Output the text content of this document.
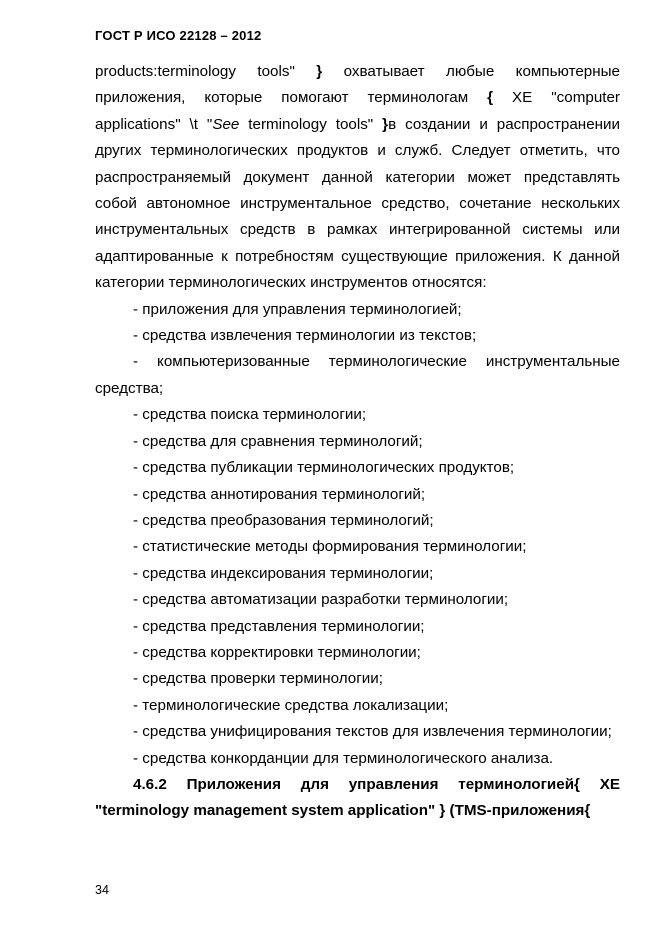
ГОСТ Р ИСО 22128 – 2012

products:terminology tools" } охватывает любые компьютерные приложения, которые помогают терминологам { XE "computer applications" \t "See terminology tools" }в создании и распространении других терминологических продуктов и служб. Следует отметить, что распространяемый документ данной категории может представлять собой автономное инструментальное средство, сочетание нескольких инструментальных средств в рамках интегрированной системы или адаптированные к потребностям существующие приложения. К данной категории терминологических инструментов относятся:

- приложения для управления терминологией;

- средства извлечения терминологии из текстов;

- компьютеризованные терминологические инструментальные средства;

- средства поиска терминологии;

- средства для сравнения терминологий;

- средства публикации терминологических продуктов;

- средства аннотирования терминологий;

- средства преобразования терминологий;

- статистические методы формирования терминологии;

- средства индексирования терминологии;

- средства автоматизации разработки терминологии;

- средства представления терминологии;

- средства корректировки терминологии;

- средства проверки терминологии;

- терминологические средства локализации;

- средства унифицирования текстов для извлечения терминологии;

- средства конкорданции для терминологического анализа.

4.6.2 Приложения для управления терминологией{ XE "terminology management system application" } (TMS-приложения{

34
